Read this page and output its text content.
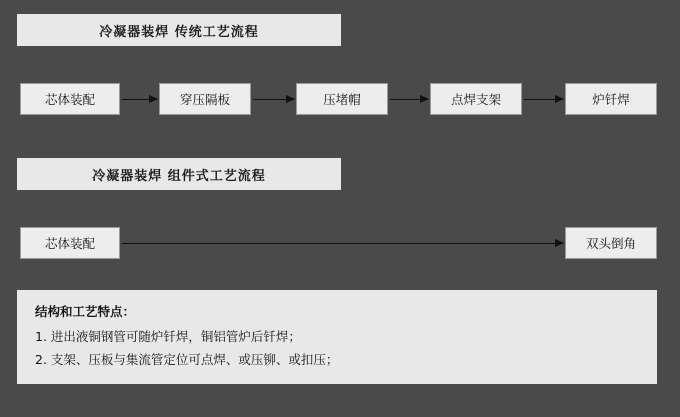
冷凝器装焊 传统工艺流程
芯体装配	穿压隔板	压堵帽	点焊支架	炉钎焊
冷凝器装焊 组件式工艺流程
芯体装配	双头倒角
结构和工艺特点：
1. 进出液铜钢管可随炉钎焊，铜铝管炉后钎焊；
2. 支架、压板与集流管定位可点焊、或压铆、或扣压；
